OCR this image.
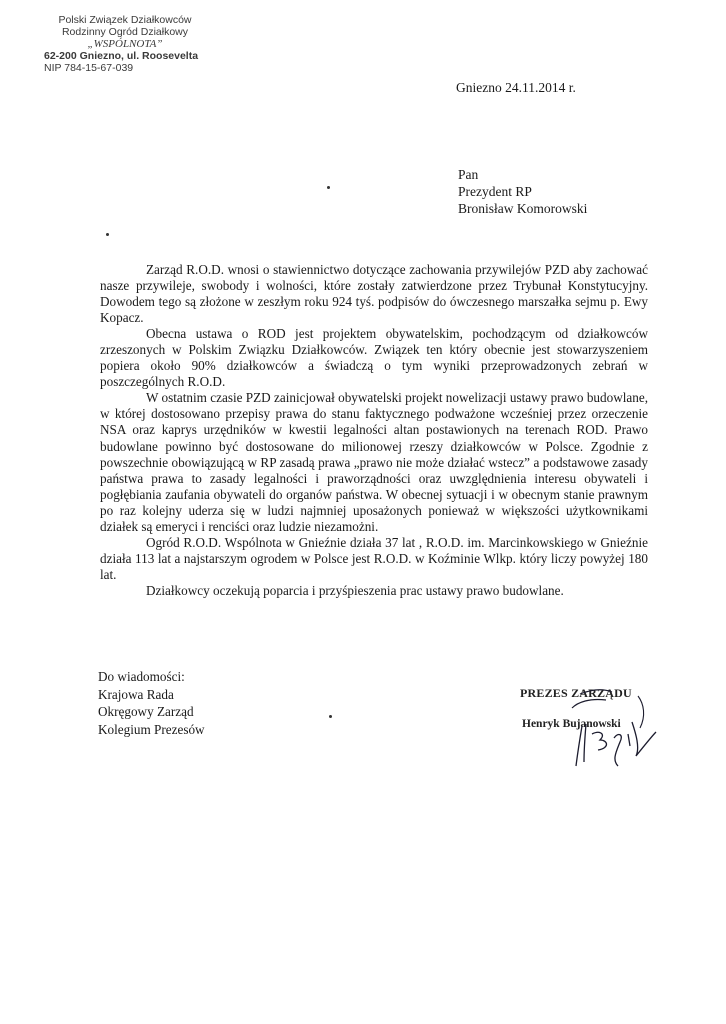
Polski Związek Działkowców
Rodzinny Ogród Działkowy
„WSPÓLNOTA”
62-200 Gniezno, ul. Roosevelta
NIP 784-15-67-039
Gniezno 24.11.2014 r.
Pan
Prezydent RP
Bronisław Komorowski

Zarząd R.O.D. wnosi o stawiennictwo dotyczące zachowania przywilejów PZD aby zachować nasze przywileje, swobody i wolności, które zostały zatwierdzone przez Trybunał Konstytucyjny. Dowodem tego są złożone w zeszłym roku 924 tyś. podpisów do ówczesnego marszałka sejmu p. Ewy Kopacz.

Obecna ustawa o ROD jest projektem obywatelskim, pochodzącym od działkowców zrzeszonych w Polskim Związku Działkowców. Związek ten który obecnie jest stowarzyszeniem popiera około 90% działkowców a świadczą o tym wyniki przeprowadzonych zebrań w poszczególnych R.O.D.

W ostatnim czasie PZD zainicjował obywatelski projekt nowelizacji ustawy prawo budowlane, w której dostosowano przepisy prawa do stanu faktycznego podważone wcześniej przez orzeczenie NSA oraz kaprys urzędników w kwestii legalności altan postawionych na terenach ROD. Prawo budowlane powinno być dostosowane do milionowej rzeszy działkowców w Polsce. Zgodnie z powszechnie obowiązującą w RP zasadą prawa „prawo nie może działać wstecz” a podstawowe zasady państwa prawa to zasady legalności i praworządności oraz uwzględnienia interesu obywateli i pogłębiania zaufania obywateli do organów państwa. W obecnej sytuacji i w obecnym stanie prawnym po raz kolejny uderza się w ludzi najmniej uposażonych ponieważ w większości użytkownikami działek są emeryci i renciści oraz ludzie niezamożni.

Ogród R.O.D. Wspólnota w Gnieźnie działa 37 lat , R.O.D. im. Marcinkowskiego w Gnieźnie działa 113 lat a najstarszym ogrodem w Polsce jest R.O.D. w Koźminie Wlkp. który liczy powyżej 180 lat.

Działkowcy oczekują poparcia i przyśpieszenia prac ustawy prawo budowlane.

Do wiadomości:
Krajowa Rada
Okręgowy Zarząd
Kolegium Prezesów
PREZES ZARZĄDU
Henryk Bujanowski
